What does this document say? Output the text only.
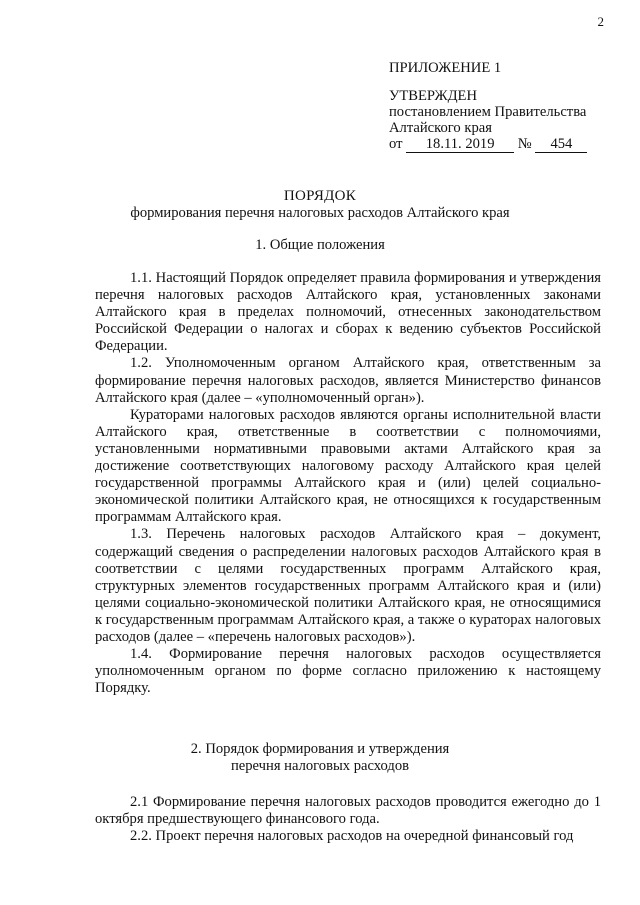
2
ПРИЛОЖЕНИЕ 1
УТВЕРЖДЕН
постановлением Правительства
Алтайского края
от 18.11. 2019 № 454
ПОРЯДОК
формирования перечня налоговых расходов Алтайского края
1. Общие положения

1.1. Настоящий Порядок определяет правила формирования и утверждения перечня налоговых расходов Алтайского края, установленных законами Алтайского края в пределах полномочий, отнесенных законодательством Российской Федерации о налогах и сборах к ведению субъектов Российской Федерации.

1.2. Уполномоченным органом Алтайского края, ответственным за формирование перечня налоговых расходов, является Министерство финансов Алтайского края (далее – «уполномоченный орган»).

Кураторами налоговых расходов являются органы исполнительной власти Алтайского края, ответственные в соответствии с полномочиями, установленными нормативными правовыми актами Алтайского края за достижение соответствующих налоговому расходу Алтайского края целей государственной программы Алтайского края и (или) целей социально-экономической политики Алтайского края, не относящихся к государственным программам Алтайского края.

1.3. Перечень налоговых расходов Алтайского края – документ, содержащий сведения о распределении налоговых расходов Алтайского края в соответствии с целями государственных программ Алтайского края, структурных элементов государственных программ Алтайского края и (или) целями социально-экономической политики Алтайского края, не относящимися к государственным программам Алтайского края, а также о кураторах налоговых расходов (далее – «перечень налоговых расходов»).

1.4. Формирование перечня налоговых расходов осуществляется уполномоченным органом по форме согласно приложению к настоящему Порядку.

2. Порядок формирования и утверждения
перечня налоговых расходов

2.1 Формирование перечня налоговых расходов проводится ежегодно до 1 октября предшествующего финансового года.

2.2. Проект перечня налоговых расходов на очередной финансовый год
